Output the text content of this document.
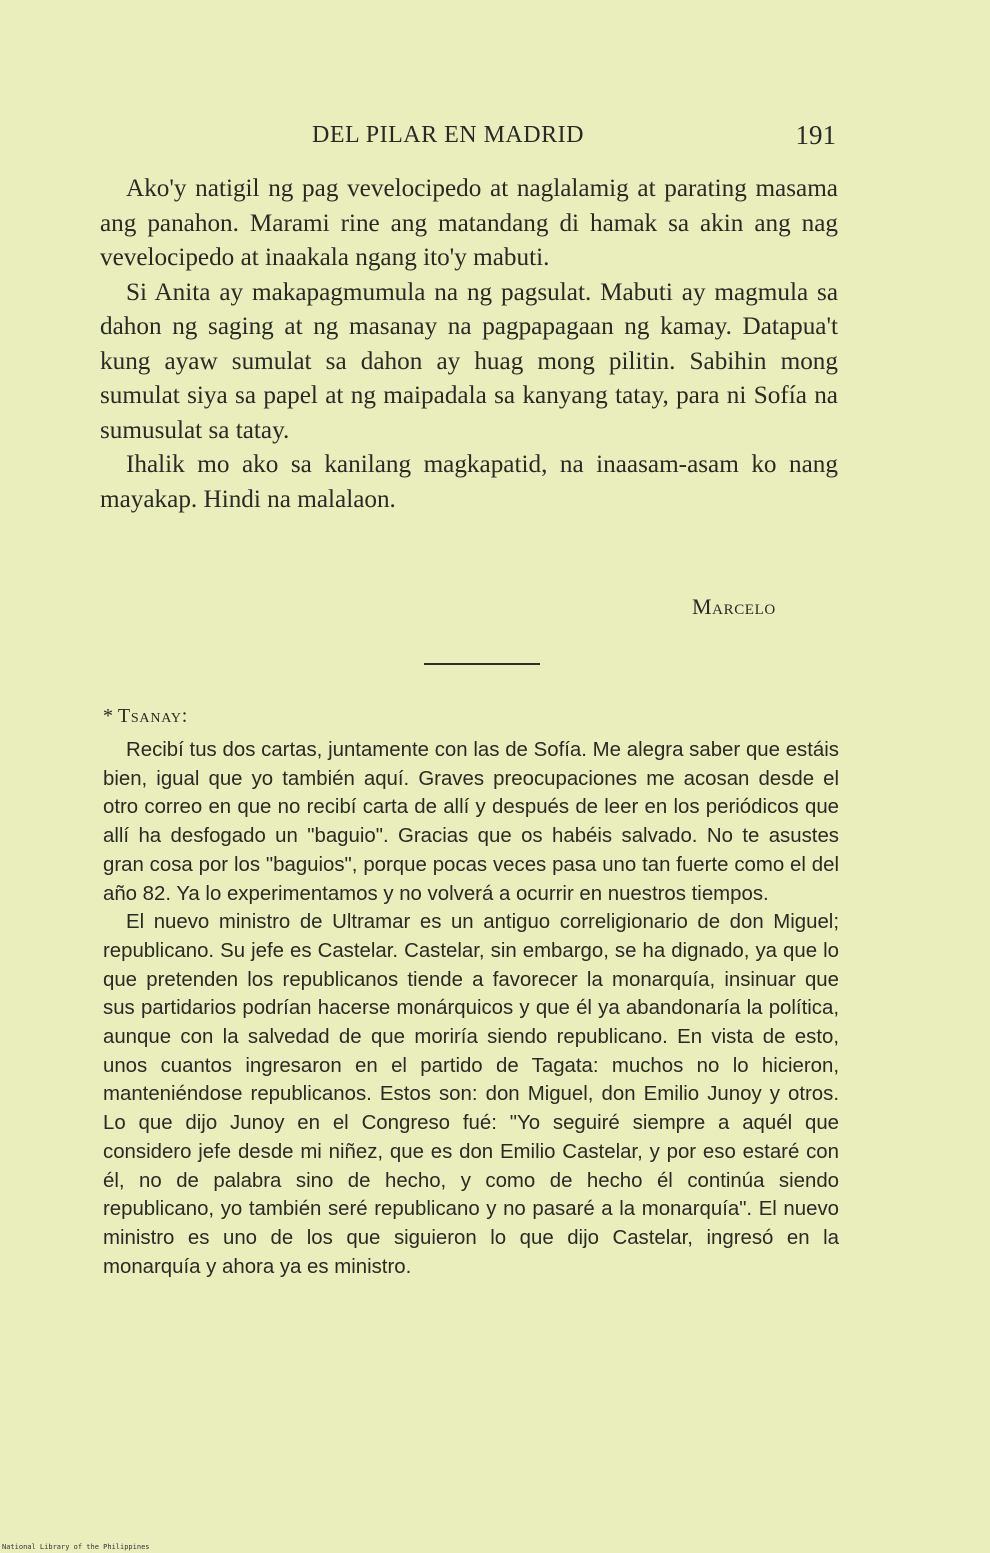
DEL PILAR EN MADRID	191

Ako'y natigil ng pag vevelocipedo at naglalamig at parating masama ang panahon. Marami rine ang matandang di hamak sa akin ang nag vevelocipedo at inaakala ngang ito'y mabuti.

Si Anita ay makapagmumula na ng pagsulat. Mabuti ay magmula sa dahon ng saging at ng masanay na pagpapagaan ng kamay. Datapua't kung ayaw sumulat sa dahon ay huag mong pilitin. Sabihin mong sumulat siya sa papel at ng maipadala sa kanyang tatay, para ni Sofía na sumusulat sa tatay.

Ihalik mo ako sa kanilang magkapatid, na inaasam-asam ko nang mayakap. Hindi na malalaon.

Marcelo
* Tsanay:

Recibí tus dos cartas, juntamente con las de Sofía. Me alegra saber que estáis bien, igual que yo también aquí. Graves preocupaciones me acosan desde el otro correo en que no recibí carta de allí y después de leer en los periódicos que allí ha desfogado un "baguio". Gracias que os habéis salvado. No te asustes gran cosa por los "baguios", porque pocas veces pasa uno tan fuerte como el del año 82. Ya lo experimentamos y no volverá a ocurrir en nuestros tiempos.

El nuevo ministro de Ultramar es un antiguo correligionario de don Miguel; republicano. Su jefe es Castelar. Castelar, sin embargo, se ha dignado, ya que lo que pretenden los republicanos tiende a favorecer la monarquía, insinuar que sus partidarios podrían hacerse monárquicos y que él ya abandonaría la política, aunque con la salvedad de que moriría siendo republicano. En vista de esto, unos cuantos ingresaron en el partido de Tagata: muchos no lo hicieron, manteniéndose republicanos. Estos son: don Miguel, don Emilio Junoy y otros. Lo que dijo Junoy en el Congreso fué: "Yo seguiré siempre a aquél que considero jefe desde mi niñez, que es don Emilio Castelar, y por eso estaré con él, no de palabra sino de hecho, y como de hecho él continúa siendo republicano, yo también seré republicano y no pasaré a la monarquía". El nuevo ministro es uno de los que siguieron lo que dijo Castelar, ingresó en la monarquía y ahora ya es ministro.

National Library of the Philippines
